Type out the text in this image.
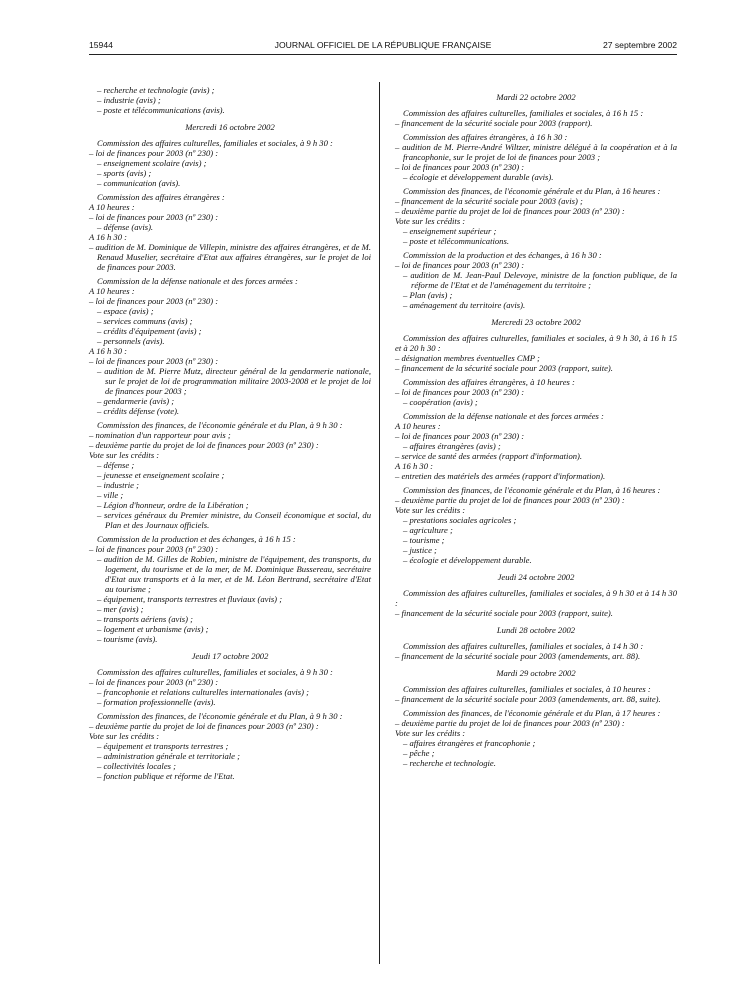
15944	JOURNAL OFFICIEL DE LA RÉPUBLIQUE FRANÇAISE	27 septembre 2002
– recherche et technologie (avis) ;
– industrie (avis) ;
– poste et télécommunications (avis).
Mercredi 16 octobre 2002
Commission des affaires culturelles, familiales et sociales, à 9 h 30 :
– loi de finances pour 2003 (nº 230) :
– enseignement scolaire (avis) ;
– sports (avis) ;
– communication (avis).
Commission des affaires étrangères :
A 10 heures :
– loi de finances pour 2003 (nº 230) :
– défense (avis).
A 16 h 30 :
– audition de M. Dominique de Villepin, ministre des affaires étrangères, et de M. Renaud Muselier, secrétaire d'Etat aux affaires étrangères, sur le projet de loi de finances pour 2003.
Commission de la défense nationale et des forces armées :
A 10 heures :
– loi de finances pour 2003 (nº 230) :
– espace (avis) ;
– services communs (avis) ;
– crédits d'équipement (avis) ;
– personnels (avis).
A 16 h 30 :
– loi de finances pour 2003 (nº 230) :
– audition de M. Pierre Mutz, directeur général de la gendarmerie nationale, sur le projet de loi de programmation militaire 2003-2008 et le projet de loi de finances pour 2003 ;
– gendarmerie (avis) ;
– crédits défense (vote).
Commission des finances, de l'économie générale et du Plan, à 9 h 30 :
– nomination d'un rapporteur pour avis ;
– deuxième partie du projet de loi de finances pour 2003 (nº 230) :
Vote sur les crédits :
– défense ;
– jeunesse et enseignement scolaire ;
– industrie ;
– ville ;
– Légion d'honneur, ordre de la Libération ;
– services généraux du Premier ministre, du Conseil économique et social, du Plan et des Journaux officiels.
Commission de la production et des échanges, à 16 h 15 :
– loi de finances pour 2003 (nº 230) :
– audition de M. Gilles de Robien, ministre de l'équipement, des transports, du logement, du tourisme et de la mer, de M. Dominique Bussereau, secrétaire d'Etat aux transports et à la mer, et de M. Léon Bertrand, secrétaire d'Etat au tourisme ;
– équipement, transports terrestres et fluviaux (avis) ;
– mer (avis) ;
– transports aériens (avis) ;
– logement et urbanisme (avis) ;
– tourisme (avis).
Jeudi 17 octobre 2002
Commission des affaires culturelles, familiales et sociales, à 9 h 30 :
– loi de finances pour 2003 (nº 230) :
– francophonie et relations culturelles internationales (avis) ;
– formation professionnelle (avis).
Commission des finances, de l'économie générale et du Plan, à 9 h 30 :
– deuxième partie du projet de loi de finances pour 2003 (nº 230) :
Vote sur les crédits :
– équipement et transports terrestres ;
– administration générale et territoriale ;
– collectivités locales ;
– fonction publique et réforme de l'Etat.
Mardi 22 octobre 2002
Commission des affaires culturelles, familiales et sociales, à 16 h 15 :
– financement de la sécurité sociale pour 2003 (rapport).
Commission des affaires étrangères, à 16 h 30 :
– audition de M. Pierre-André Wiltzer, ministre délégué à la coopération et à la francophonie, sur le projet de loi de finances pour 2003 ;
– loi de finances pour 2003 (nº 230) :
– écologie et développement durable (avis).
Commission des finances, de l'économie générale et du Plan, à 16 heures :
– financement de la sécurité sociale pour 2003 (avis) ;
– deuxième partie du projet de loi de finances pour 2003 (nº 230) :
Vote sur les crédits :
– enseignement supérieur ;
– poste et télécommunications.
Commission de la production et des échanges, à 16 h 30 :
– loi de finances pour 2003 (nº 230) :
– audition de M. Jean-Paul Delevoye, ministre de la fonction publique, de la réforme de l'Etat et de l'aménagement du territoire ;
– Plan (avis) ;
– aménagement du territoire (avis).
Mercredi 23 octobre 2002
Commission des affaires culturelles, familiales et sociales, à 9 h 30, à 16 h 15 et à 20 h 30 :
– désignation membres éventuelles CMP ;
– financement de la sécurité sociale pour 2003 (rapport, suite).
Commission des affaires étrangères, à 10 heures :
– loi de finances pour 2003 (nº 230) :
– coopération (avis) ;
Commission de la défense nationale et des forces armées :
A 10 heures :
– loi de finances pour 2003 (nº 230) :
– affaires étrangères (avis) ;
– service de santé des armées (rapport d'information).
A 16 h 30 :
– entretien des matériels des armées (rapport d'information).
Commission des finances, de l'économie générale et du Plan, à 16 heures :
– deuxième partie du projet de loi de finances pour 2003 (nº 230) :
Vote sur les crédits :
– prestations sociales agricoles ;
– agriculture ;
– tourisme ;
– justice ;
– écologie et développement durable.
Jeudi 24 octobre 2002
Commission des affaires culturelles, familiales et sociales, à 9 h 30 et à 14 h 30 :
– financement de la sécurité sociale pour 2003 (rapport, suite).
Lundi 28 octobre 2002
Commission des affaires culturelles, familiales et sociales, à 14 h 30 :
– financement de la sécurité sociale pour 2003 (amendements, art. 88).
Mardi 29 octobre 2002
Commission des affaires culturelles, familiales et sociales, à 10 heures :
– financement de la sécurité sociale pour 2003 (amendements, art. 88, suite).
Commission des finances, de l'économie générale et du Plan, à 17 heures :
– deuxième partie du projet de loi de finances pour 2003 (nº 230) :
Vote sur les crédits :
– affaires étrangères et francophonie ;
– pêche ;
– recherche et technologie.
